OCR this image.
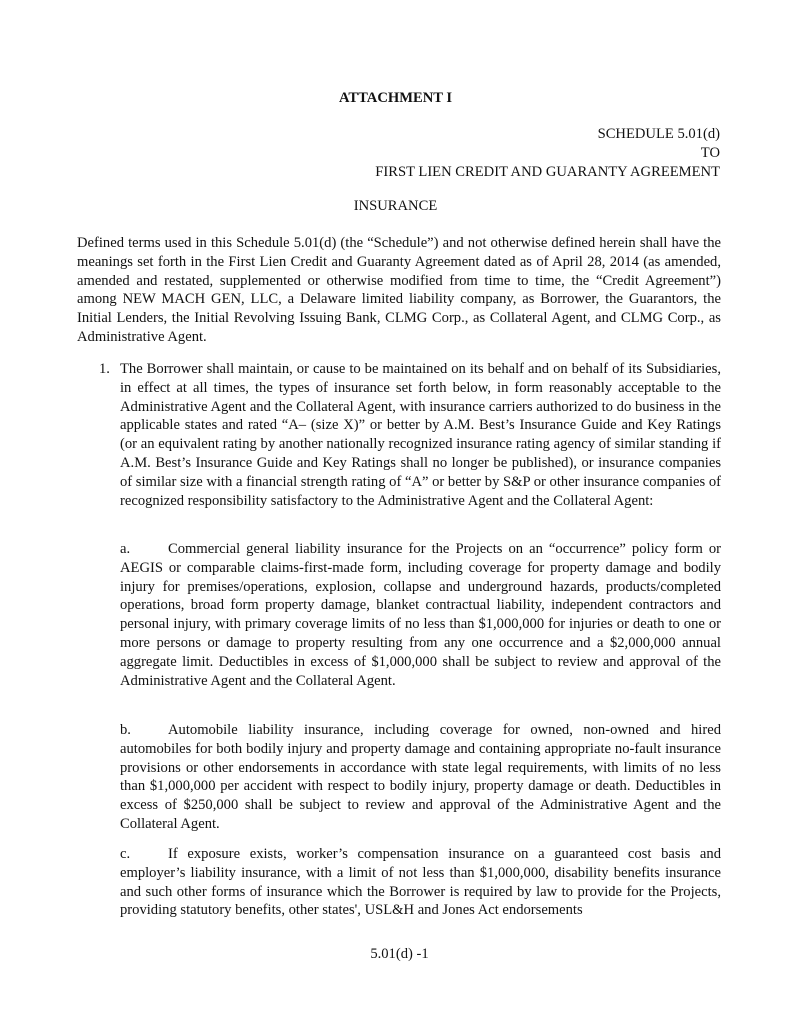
ATTACHMENT I
SCHEDULE 5.01(d)
TO
FIRST LIEN CREDIT AND GUARANTY AGREEMENT
INSURANCE

Defined terms used in this Schedule 5.01(d) (the “Schedule”) and not otherwise defined herein shall have the meanings set forth in the First Lien Credit and Guaranty Agreement dated as of April 28, 2014 (as amended, amended and restated, supplemented or otherwise modified from time to time, the “Credit Agreement”) among NEW MACH GEN, LLC, a Delaware limited liability company, as Borrower, the Guarantors, the Initial Lenders, the Initial Revolving Issuing Bank, CLMG Corp., as Collateral Agent, and CLMG Corp., as Administrative Agent.

1. The Borrower shall maintain, or cause to be maintained on its behalf and on behalf of its Subsidiaries, in effect at all times, the types of insurance set forth below, in form reasonably acceptable to the Administrative Agent and the Collateral Agent, with insurance carriers authorized to do business in the applicable states and rated “A– (size X)” or better by A.M. Best’s Insurance Guide and Key Ratings (or an equivalent rating by another nationally recognized insurance rating agency of similar standing if A.M. Best’s Insurance Guide and Key Ratings shall no longer be published), or insurance companies of similar size with a financial strength rating of “A” or better by S&P or other insurance companies of recognized responsibility satisfactory to the Administrative Agent and the Collateral Agent:

a.	Commercial general liability insurance for the Projects on an “occurrence” policy form or AEGIS or comparable claims-first-made form, including coverage for property damage and bodily injury for premises/operations, explosion, collapse and underground hazards, products/completed operations, broad form property damage, blanket contractual liability, independent contractors and personal injury, with primary coverage limits of no less than $1,000,000 for injuries or death to one or more persons or damage to property resulting from any one occurrence and a $2,000,000 annual aggregate limit. Deductibles in excess of $1,000,000 shall be subject to review and approval of the Administrative Agent and the Collateral Agent.

b.	Automobile liability insurance, including coverage for owned, non-owned and hired automobiles for both bodily injury and property damage and containing appropriate no-fault insurance provisions or other endorsements in accordance with state legal requirements, with limits of no less than $1,000,000 per accident with respect to bodily injury, property damage or death. Deductibles in excess of $250,000 shall be subject to review and approval of the Administrative Agent and the Collateral Agent.

c.	If exposure exists, worker’s compensation insurance on a guaranteed cost basis and employer’s liability insurance, with a limit of not less than $1,000,000, disability benefits insurance and such other forms of insurance which the Borrower is required by law to provide for the Projects, providing statutory benefits, other states', USL&H and Jones Act endorsements

5.01(d) -1
